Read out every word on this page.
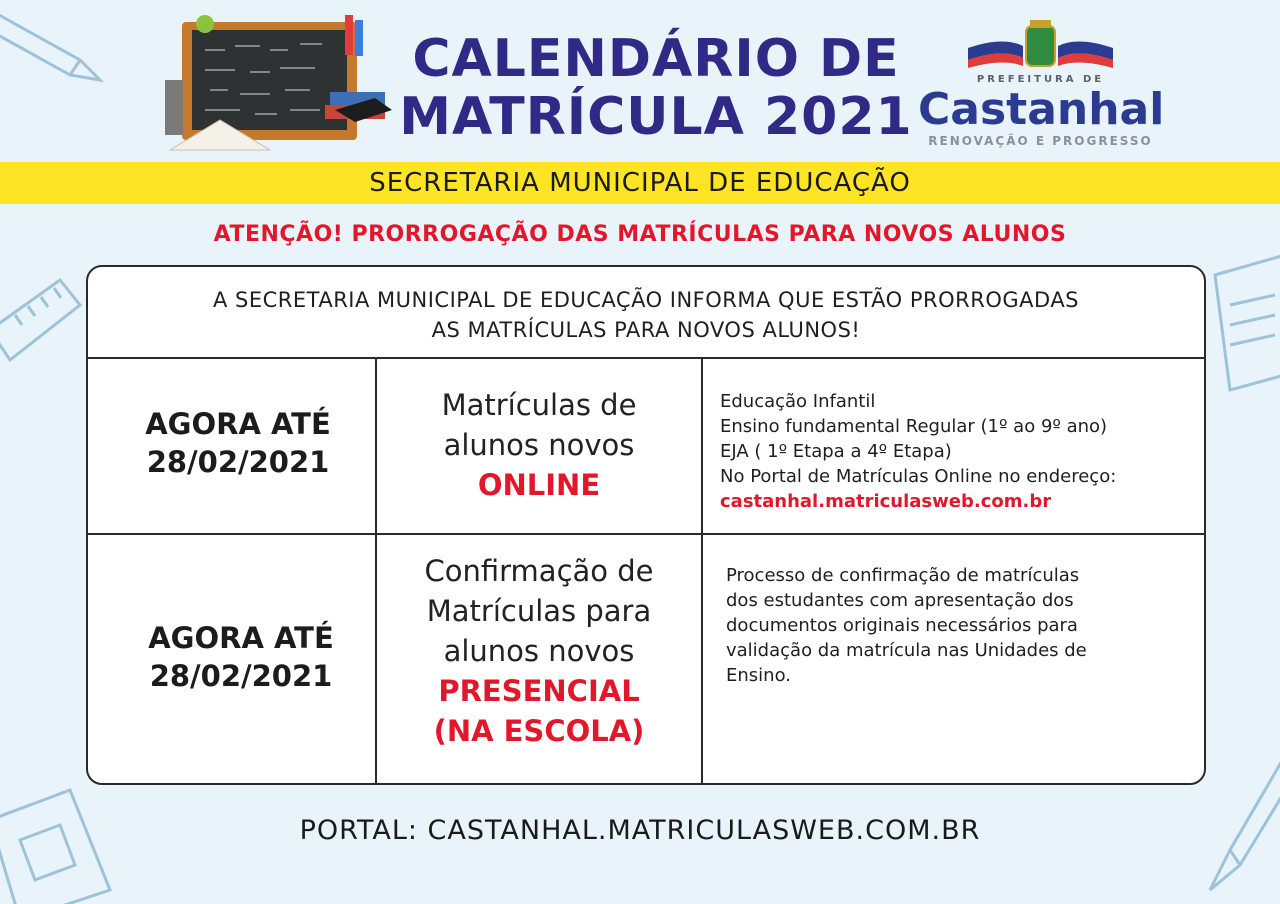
CALENDÁRIO DE
MATRÍCULA 2021
PREFEITURA DE
Castanhal
RENOVAÇÃO E PROGRESSO
SECRETARIA MUNICIPAL DE EDUCAÇÃO
ATENÇÃO! PRORROGAÇÃO DAS MATRÍCULAS PARA NOVOS ALUNOS
A SECRETARIA MUNICIPAL DE EDUCAÇÃO INFORMA QUE ESTÃO PRORROGADAS
AS MATRÍCULAS PARA NOVOS ALUNOS!
AGORA ATÉ
28/02/2021
Matrículas de
alunos novos
ONLINE
Educação Infantil
Ensino fundamental Regular (1º ao 9º ano)
EJA ( 1º Etapa a 4º Etapa)
No Portal de Matrículas Online no endereço:
castanhal.matriculasweb.com.br
AGORA ATÉ
28/02/2021
Confirmação de
Matrículas para
alunos novos
PRESENCIAL
(NA ESCOLA)
Processo de confirmação de matrículas
dos estudantes com apresentação dos
documentos originais necessários para
validação da matrícula nas Unidades de
Ensino.
PORTAL: CASTANHAL.MATRICULASWEB.COM.BR
